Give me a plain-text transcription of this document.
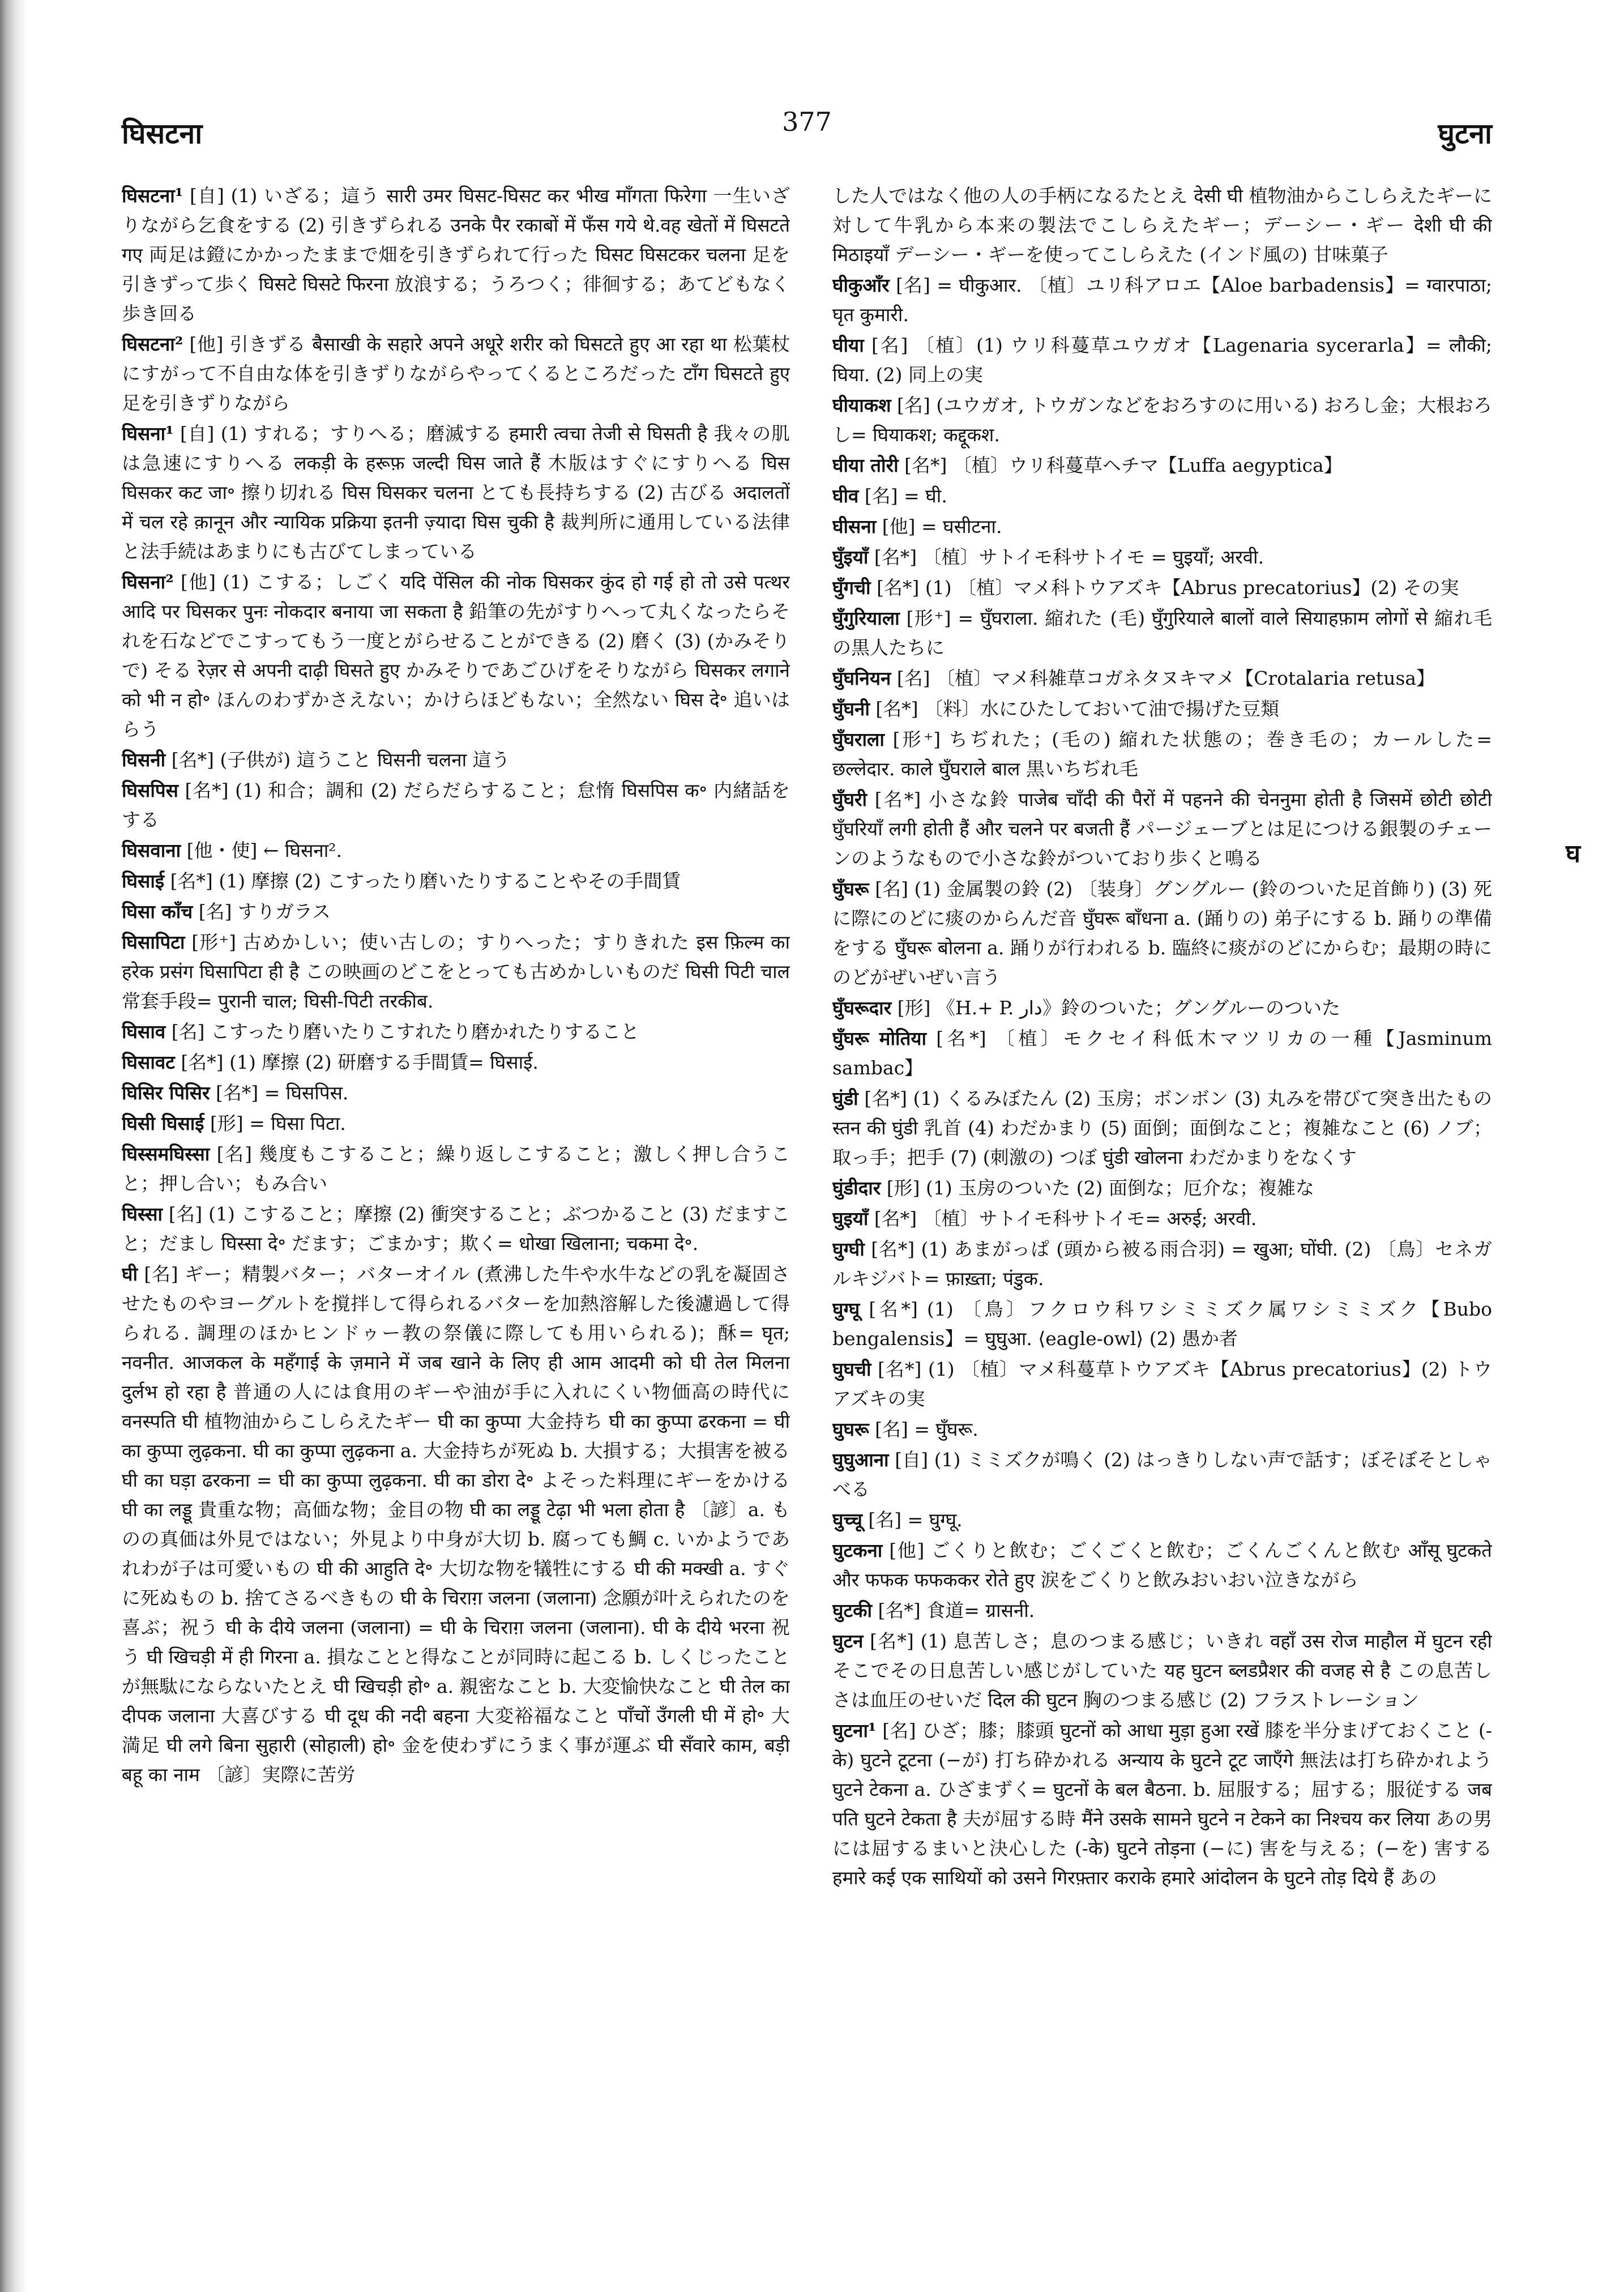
घिसटना	377	घुटना

घिसटना¹ [自] (1) いざる；這う सारी उमर घिसट-घिसट कर भीख माँगता फिरेगा 一生いざりながら乞食をする (2) 引きずられる उनके पैर रकाबों में फँस गये थे.वह खेतों में घिसटते गए 両足は鐙にかかったままで畑を引きずられて行った घिसट घिसटकर चलना 足を引きずって歩く घिसटे घिसटे फिरना 放浪する；うろつく；徘徊する；あてどもなく歩き回る

घिसटना² [他] 引きずる बैसाखी के सहारे अपने अधूरे शरीर को घिसटते हुए आ रहा था 松葉杖にすがって不自由な体を引きずりながらやってくるところだった टाँग घिसटते हुए 足を引きずりながら

घिसना¹ [自] (1) すれる；すりへる；磨滅する हमारी त्वचा तेजी से घिसती है 我々の肌は急速にすりへる लकड़ी के हरूफ़ जल्दी घिस जाते हैं 木版はすぐにすりへる घिस घिसकर कट जा॰ 擦り切れる घिस घिसकर चलना とても長持ちする (2) 古びる अदालतों में चल रहे क़ानून और न्यायिक प्रक्रिया इतनी ज़्यादा घिस चुकी है 裁判所に通用している法律と法手続はあまりにも古びてしまっている

घिसना² [他] (1) こする；しごく यदि पेंसिल की नोक घिसकर कुंद हो गई हो तो उसे पत्थर आदि पर घिसकर पुनः नोकदार बनाया जा सकता है 鉛筆の先がすりへって丸くなったらそれを石などでこすってもう一度とがらせることができる (2) 磨く (3) (かみそりで) そる रेज़र से अपनी दाढ़ी घिसते हुए かみそりであごひげをそりながら घिसकर लगाने को भी न हो॰ ほんのわずかさえない；かけらほどもない；全然ない घिस दे॰ 追いはらう

घिसनी [名*] (子供が) 這うこと घिसनी चलना 這う

घिसपिस [名*] (1) 和合；調和 (2) だらだらすること；怠惰 घिसपिस क॰ 内緒話をする

घिसवाना [他・使] ← घिसना².

घिसाई [名*] (1) 摩擦 (2) こすったり磨いたりすることやその手間賃

घिसा काँच [名] すりガラス

घिसापिटा [形⁺] 古めかしい；使い古しの；すりへった；すりきれた इस फ़िल्म का हरेक प्रसंग घिसापिटा ही है この映画のどこをとっても古めかしいものだ घिसी पिटी चाल 常套手段= पुरानी चाल; घिसी-पिटी तरकीब.

घिसाव [名] こすったり磨いたりこすれたり磨かれたりすること

घिसावट [名*] (1) 摩擦 (2) 研磨する手間賃= घिसाई.

घिसिर पिसिर [名*] = घिसपिस.

घिसी घिसाई [形] = घिसा पिटा.

घिस्समघिस्सा [名] 幾度もこすること；繰り返しこすること；激しく押し合うこと；押し合い；もみ合い

घिस्सा [名] (1) こすること；摩擦 (2) 衝突すること；ぶつかること (3) だますこと；だまし घिस्सा दे॰ だます；ごまかす；欺く= धोखा खिलाना; चकमा दे॰.

घी [名] ギー；精製バター；バターオイル (煮沸した牛や水牛などの乳を凝固させたものやヨーグルトを撹拌して得られるバターを加熱溶解した後濾過して得られる. 調理のほかヒンドゥー教の祭儀に際しても用いられる)；酥= घृत; नवनीत. आजकल के महँगाई के ज़माने में जब खाने के लिए ही आम आदमी को घी तेल मिलना दुर्लभ हो रहा है 普通の人には食用のギーや油が手に入れにくい物価高の時代に वनस्पति घी 植物油からこしらえたギー घी का कुप्पा 大金持ち घी का कुप्पा ढरकना = घी का कुप्पा लुढ़कना. घी का कुप्पा लुढ़कना a. 大金持ちが死ぬ b. 大損する；大損害を被る घी का घड़ा ढरकना = घी का कुप्पा लुढ़कना. घी का डोरा दे॰ よそった料理にギーをかける घी का लड्डू 貴重な物；高価な物；金目の物 घी का लड्डू टेढ़ा भी भला होता है 〔諺〕a. ものの真価は外見ではない；外見より中身が大切 b. 腐っても鯛 c. いかようであれわが子は可愛いもの घी की आहुति दे॰ 大切な物を犠牲にする घी की मक्खी a. すぐに死ぬもの b. 捨てさるべきもの घी के चिराग़ जलना (जलाना) 念願が叶えられたのを喜ぶ；祝う घी के दीये जलना (जलाना) = घी के चिराग़ जलना (जलाना). घी के दीये भरना 祝う घी खिचड़ी में ही गिरना a. 損なことと得なことが同時に起こる b. しくじったことが無駄にならないたとえ घी खिचड़ी हो॰ a. 親密なこと b. 大変愉快なこと घी तेल का दीपक जलाना 大喜びする घी दूध की नदी बहना 大変裕福なこと पाँचों उँगली घी में हो॰ 大満足 घी लगे बिना सुहारी (सोहाली) हो॰ 金を使わずにうまく事が運ぶ घी सँवारे काम, बड़ी बहू का नाम 〔諺〕実際に苦労

した人ではなく他の人の手柄になるたとえ देसी घी 植物油からこしらえたギーに対して牛乳から本来の製法でこしらえたギー；デーシー・ギー देशी घी की मिठाइयाँ デーシー・ギーを使ってこしらえた (インド風の) 甘味菓子

घीकुआँर [名] = घीकुआर. 〔植〕ユリ科アロエ【Aloe barbadensis】= ग्वारपाठा; घृत कुमारी.

घीया [名] 〔植〕(1) ウリ科蔓草ユウガオ【Lagenaria sycerarla】= लौकी; घिया. (2) 同上の実

घीयाकश [名] (ユウガオ, トウガンなどをおろすのに用いる) おろし金；大根おろし= घियाकश; कद्दूकश.

घीया तोरी [名*] 〔植〕ウリ科蔓草ヘチマ【Luffa aegyptica】

घीव [名] = घी.

घीसना [他] = घसीटना.

घुँइयाँ [名*] 〔植〕サトイモ科サトイモ = घुइयाँ; अरवी.

घुँगची [名*] (1) 〔植〕マメ科トウアズキ【Abrus precatorius】(2) その実

घुँगुरियाला [形⁺] = घुँघराला. 縮れた (毛) घुँगुरियाले बालों वाले सियाहफ़ाम लोगों से 縮れ毛の黒人たちに

घुँघनियन [名] 〔植〕マメ科雑草コガネタヌキマメ【Crotalaria retusa】

घुँघनी [名*] 〔料〕水にひたしておいて油で揚げた豆類

घुँघराला [形⁺] ちぢれた；(毛の) 縮れた状態の；巻き毛の；カールした= छल्लेदार. काले घुँघराले बाल 黒いちぢれ毛

घुँघरी [名*] 小さな鈴 पाजेब चाँदी की पैरों में पहनने की चेननुमा होती है जिसमें छोटी छोटी घुँघरियाँ लगी होती हैं और चलने पर बजती हैं パージェーブとは足につける銀製のチェーンのようなもので小さな鈴がついており歩くと鳴る

घुँघरू [名] (1) 金属製の鈴 (2) 〔装身〕グングルー (鈴のついた足首飾り) (3) 死に際にのどに痰のからんだ音 घुँघरू बाँधना a. (踊りの) 弟子にする b. 踊りの準備をする घुँघरू बोलना a. 踊りが行われる b. 臨終に痰がのどにからむ；最期の時にのどがぜいぜい言う

घुँघरूदार [形] 《H.+ P. دار》鈴のついた；グングルーのついた

घुँघरू मोतिया [名*] 〔植〕モクセイ科低木マツリカの一種【Jasminum sambac】

घुंडी [名*] (1) くるみぼたん (2) 玉房；ボンボン (3) 丸みを帯びて突き出たもの स्तन की घुंडी 乳首 (4) わだかまり (5) 面倒；面倒なこと；複雑なこと (6) ノブ；取っ手；把手 (7) (刺激の) つぼ घुंडी खोलना わだかまりをなくす

घुंडीदार [形] (1) 玉房のついた (2) 面倒な；厄介な；複雑な

घुइयाँ [名*] 〔植〕サトイモ科サトイモ= अरुई; अरवी.

घुग्घी [名*] (1) あまがっぱ (頭から被る雨合羽) = खुआ; घोंघी. (2) 〔鳥〕セネガルキジバト= फ़ाख़्ता; पंडुक.

घुग्घू [名*] (1) 〔鳥〕フクロウ科ワシミミズク属ワシミミズク【Bubo bengalensis】= घुघुआ. ⟨eagle-owl⟩ (2) 愚か者

घुघची [名*] (1) 〔植〕マメ科蔓草トウアズキ【Abrus precatorius】(2) トウアズキの実

घुघरू [名] = घुँघरू.

घुघुआना [自] (1) ミミズクが鳴く (2) はっきりしない声で話す；ぼそぼそとしゃべる

घुच्चू [名] = घुग्घू.

घुटकना [他] ごくりと飲む；ごくごくと飲む；ごくんごくんと飲む आँसू घुटकते और फफक फफककर रोते हुए 涙をごくりと飲みおいおい泣きながら

घुटकी [名*] 食道= ग्रासनी.

घुटन [名*] (1) 息苦しさ；息のつまる感じ；いきれ वहाँ उस रोज माहौल में घुटन रही そこでその日息苦しい感じがしていた यह घुटन ब्लडप्रैशर की वजह से है この息苦しさは血圧のせいだ दिल की घुटन 胸のつまる感じ (2) フラストレーション

घुटना¹ [名] ひざ；膝；膝頭 घुटनों को आधा मुड़ा हुआ रखें 膝を半分まげておくこと (-के) घुटने टूटना (−が) 打ち砕かれる अन्याय के घुटने टूट जाएँगे 無法は打ち砕かれよう घुटने टेकना a. ひざまずく= घुटनों के बल बैठना. b. 屈服する；屈する；服従する जब पति घुटने टेकता है 夫が屈する時 मैंने उसके सामने घुटने न टेकने का निश्चय कर लिया あの男には屈するまいと決心した (-के) घुटने तोड़ना (−に) 害を与える；(−を) 害する हमारे कई एक साथियों को उसने गिरफ़्तार कराके हमारे आंदोलन के घुटने तोड़ दिये हैं あの

घ
